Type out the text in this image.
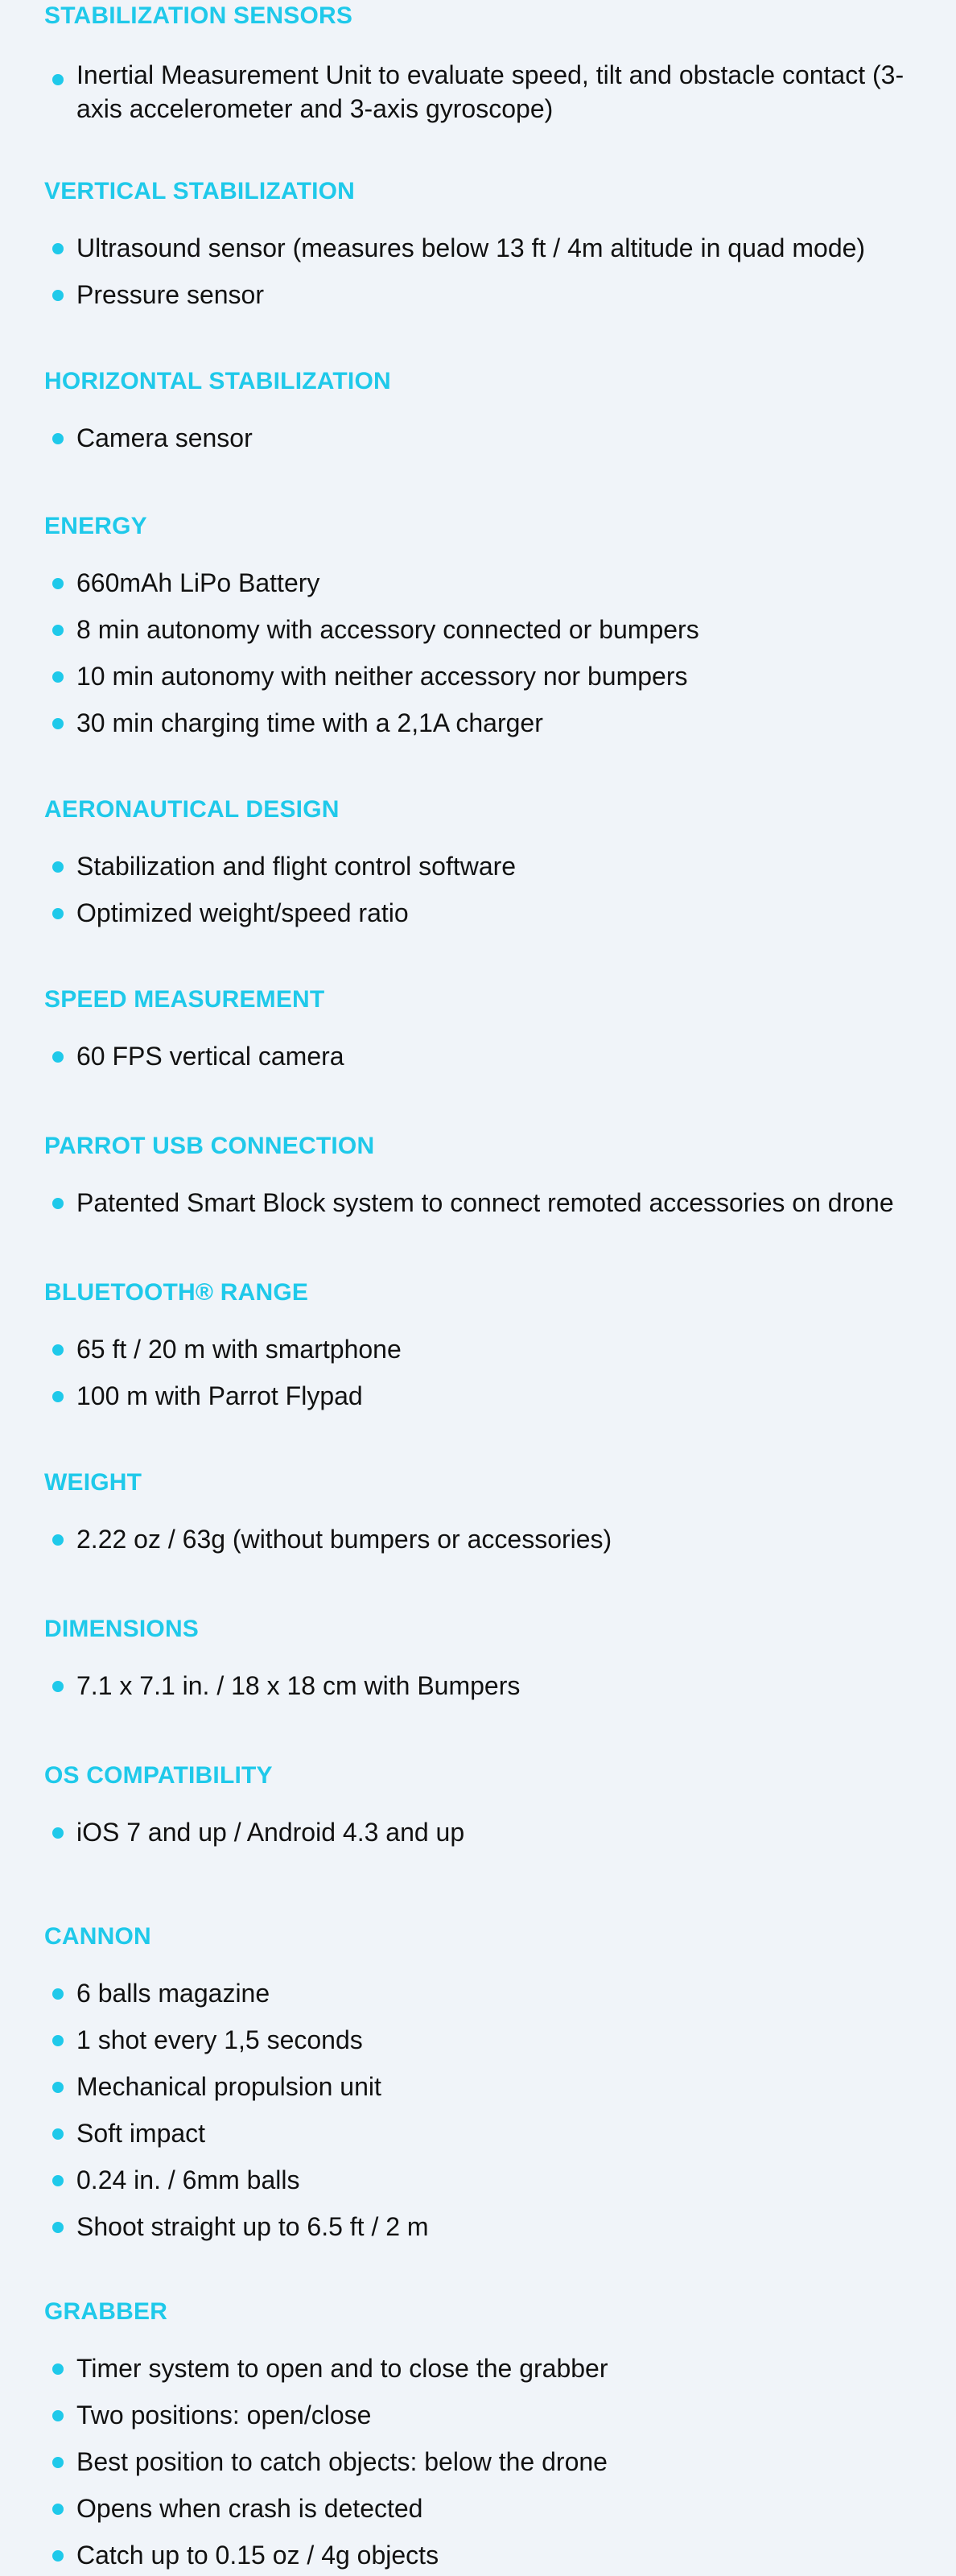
STABILIZATION SENSORS
Inertial Measurement Unit to evaluate speed, tilt and obstacle contact (3-axis accelerometer and 3-axis gyroscope)
VERTICAL STABILIZATION
Ultrasound sensor (measures below 13 ft / 4m altitude in quad mode)
Pressure sensor
HORIZONTAL STABILIZATION
Camera sensor
ENERGY
660mAh LiPo Battery
8 min autonomy with accessory connected or bumpers
10 min autonomy with neither accessory nor bumpers
30 min charging time with a 2,1A charger
AERONAUTICAL DESIGN
Stabilization and flight control software
Optimized weight/speed ratio
SPEED MEASUREMENT
60 FPS vertical camera
PARROT USB CONNECTION
Patented Smart Block system to connect remoted accessories on drone
BLUETOOTH® RANGE
65 ft / 20 m with smartphone
100 m with Parrot Flypad
WEIGHT
2.22 oz / 63g (without bumpers or accessories)
DIMENSIONS
7.1 x 7.1 in. / 18 x 18 cm with Bumpers
OS COMPATIBILITY
iOS 7 and up / Android 4.3 and up
CANNON
6 balls magazine
1 shot every 1,5 seconds
Mechanical propulsion unit
Soft impact
0.24 in. / 6mm balls
Shoot straight up to 6.5 ft / 2 m
GRABBER
Timer system to open and to close the grabber
Two positions: open/close
Best position to catch objects: below the drone
Opens when crash is detected
Catch up to 0.15 oz / 4g objects
